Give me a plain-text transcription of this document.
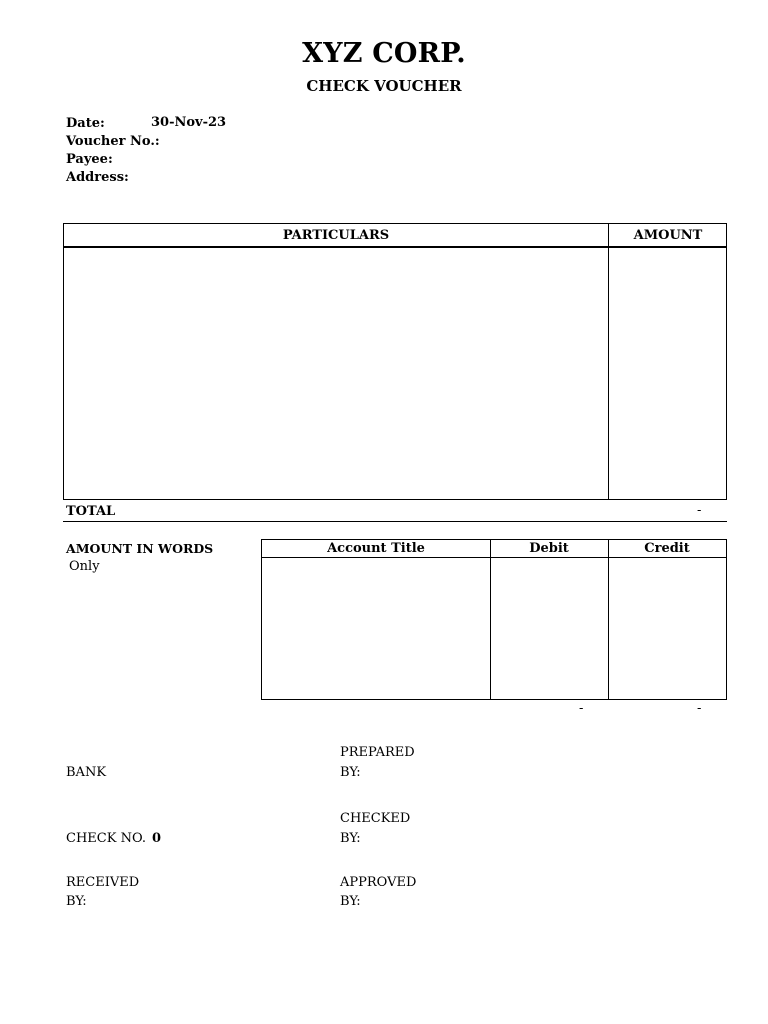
XYZ CORP.
CHECK VOUCHER
Date:	30-Nov-23
Voucher No.:
Payee:
Address:
PARTICULARS	AMOUNT
TOTAL	-
AMOUNT IN WORDS
Only
Account Title	Debit	Credit
-	-
BANK
CHECK NO. 0
RECEIVED
BY:
PREPARED
BY:
CHECKED
BY:
APPROVED
BY:
